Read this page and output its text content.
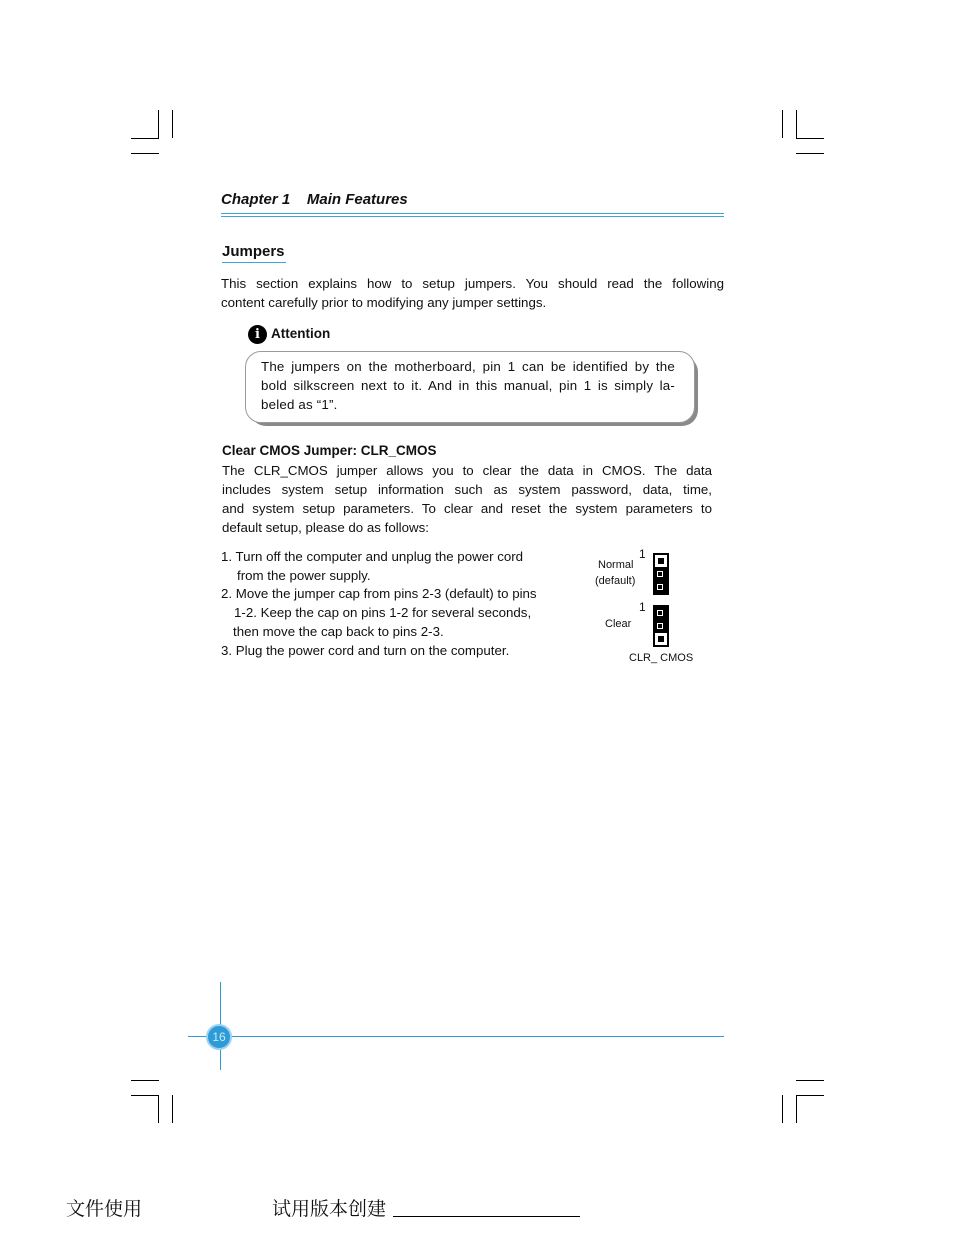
Chapter 1    Main Features
Jumpers
This section explains how to setup jumpers. You should read the following
content carefully prior to modifying any jumper settings.
i Attention
The jumpers on the motherboard, pin 1 can be identified by the
bold silkscreen next to it. And in this manual, pin 1 is simply la-
beled as “1”.
Clear CMOS Jumper: CLR_CMOS
The CLR_CMOS jumper allows you to clear the data in CMOS. The data
includes system setup information such as system password, data, time,
and system setup parameters. To clear and reset the system parameters to
default setup, please do as follows:
1. Turn off the computer and unplug the power cord
from the power supply.
2. Move the jumper cap from pins 2-3 (default) to pins
1-2. Keep the cap on pins 1-2 for several seconds,
then move the cap back to pins 2-3.
3. Plug the power cord and turn on the computer.
1
Normal
(default)
1
Clear
CLR_ CMOS
16
文件使用	试用版本创建
